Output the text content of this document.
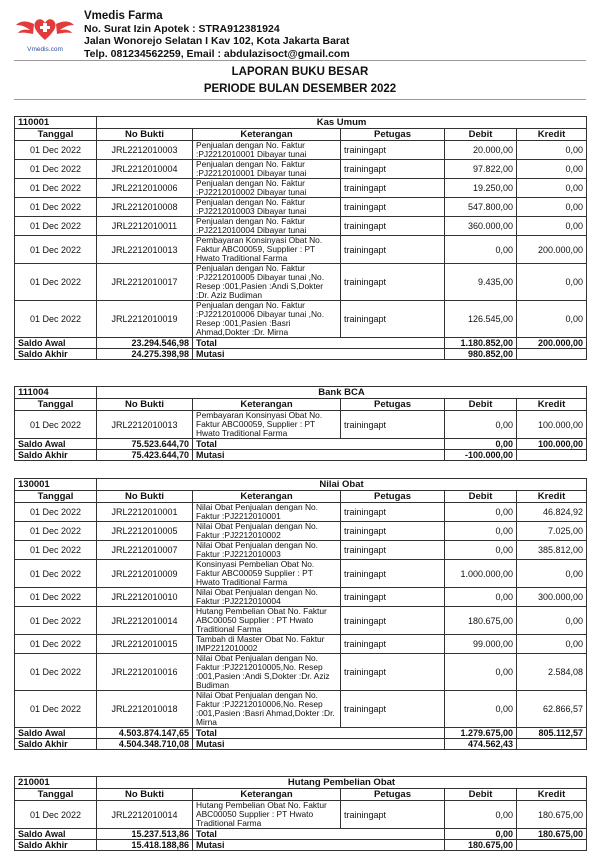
Vmedis.com
Vmedis Farma
No. Surat Izin Apotek : STRA912381924
Jalan Wonorejo Selatan I Kav 102, Kota Jakarta Barat
Telp. 081234562259, Email : abdulazisoct@gmail.com
LAPORAN BUKU BESAR
PERIODE BULAN DESEMBER 2022
110001	Kas Umum				
Tanggal	No Bukti	Keterangan	Petugas	Debit	Kredit
01 Dec 2022	JRL2212010003	Penjualan dengan No. Faktur :PJ2212010001 Dibayar tunai	trainingapt	20.000,00	0,00
01 Dec 2022	JRL2212010004	Penjualan dengan No. Faktur :PJ2212010001 Dibayar tunai	trainingapt	97.822,00	0,00
01 Dec 2022	JRL2212010006	Penjualan dengan No. Faktur :PJ2212010002 Dibayar tunai	trainingapt	19.250,00	0,00
01 Dec 2022	JRL2212010008	Penjualan dengan No. Faktur :PJ2212010003 Dibayar tunai	trainingapt	547.800,00	0,00
01 Dec 2022	JRL2212010011	Penjualan dengan No. Faktur :PJ2212010004 Dibayar tunai	trainingapt	360.000,00	0,00
01 Dec 2022	JRL2212010013	Pembayaran Konsinyasi Obat No. Faktur ABC00059, Supplier : PT Hwato Traditional Farma	trainingapt	0,00	200.000,00
01 Dec 2022	JRL2212010017	Penjualan dengan No. Faktur :PJ2212010005 Dibayar tunai ,No. Resep :001,Pasien :Andi S,Dokter :Dr. Aziz Budiman	trainingapt	9.435,00	0,00
01 Dec 2022	JRL2212010019	Penjualan dengan No. Faktur :PJ2212010006 Dibayar tunai ,No. Resep :001,Pasien :Basri Ahmad,Dokter :Dr. Mirna	trainingapt	126.545,00	0,00
Saldo Awal	23.294.546,98	Total		1.180.852,00	200.000,00
Saldo Akhir	24.275.398,98	Mutasi		980.852,00	
111004	Bank BCA				
Tanggal	No Bukti	Keterangan	Petugas	Debit	Kredit
01 Dec 2022	JRL2212010013	Pembayaran Konsinyasi Obat No. Faktur ABC00059, Supplier : PT Hwato Traditional Farma	trainingapt	0,00	100.000,00
Saldo Awal	75.523.644,70	Total		0,00	100.000,00
Saldo Akhir	75.423.644,70	Mutasi		-100.000,00	
130001	Nilai Obat				
Tanggal	No Bukti	Keterangan	Petugas	Debit	Kredit
01 Dec 2022	JRL2212010001	Nilai Obat Penjualan dengan No. Faktur :PJ2212010001	trainingapt	0,00	46.824,92
01 Dec 2022	JRL2212010005	Nilai Obat Penjualan dengan No. Faktur :PJ2212010002	trainingapt	0,00	7.025,00
01 Dec 2022	JRL2212010007	Nilai Obat Penjualan dengan No. Faktur :PJ2212010003	trainingapt	0,00	385.812,00
01 Dec 2022	JRL2212010009	Konsinyasi Pembelian Obat No. Faktur ABC00059 Supplier : PT Hwato Traditional Farma	trainingapt	1.000.000,00	0,00
01 Dec 2022	JRL2212010010	Nilai Obat Penjualan dengan No. Faktur :PJ2212010004	trainingapt	0,00	300.000,00
01 Dec 2022	JRL2212010014	Hutang Pembelian Obat No. Faktur ABC00050 Supplier : PT Hwato Traditional Farma	trainingapt	180.675,00	0,00
01 Dec 2022	JRL2212010015	Tambah di Master Obat No. Faktur IMP2212010002	trainingapt	99.000,00	0,00
01 Dec 2022	JRL2212010016	Nilai Obat Penjualan dengan No. Faktur :PJ2212010005,No. Resep :001,Pasien :Andi S,Dokter :Dr. Aziz Budiman	trainingapt	0,00	2.584,08
01 Dec 2022	JRL2212010018	Nilai Obat Penjualan dengan No. Faktur :PJ2212010006,No. Resep :001,Pasien :Basri Ahmad,Dokter :Dr. Mirna	trainingapt	0,00	62.866,57
Saldo Awal	4.503.874.147,65	Total		1.279.675,00	805.112,57
Saldo Akhir	4.504.348.710,08	Mutasi		474.562,43	
210001	Hutang Pembelian Obat				
Tanggal	No Bukti	Keterangan	Petugas	Debit	Kredit
01 Dec 2022	JRL2212010014	Hutang Pembelian Obat No. Faktur ABC00050 Supplier : PT Hwato Traditional Farma	trainingapt	0,00	180.675,00
Saldo Awal	15.237.513,86	Total		0,00	180.675,00
Saldo Akhir	15.418.188,86	Mutasi		180.675,00	
